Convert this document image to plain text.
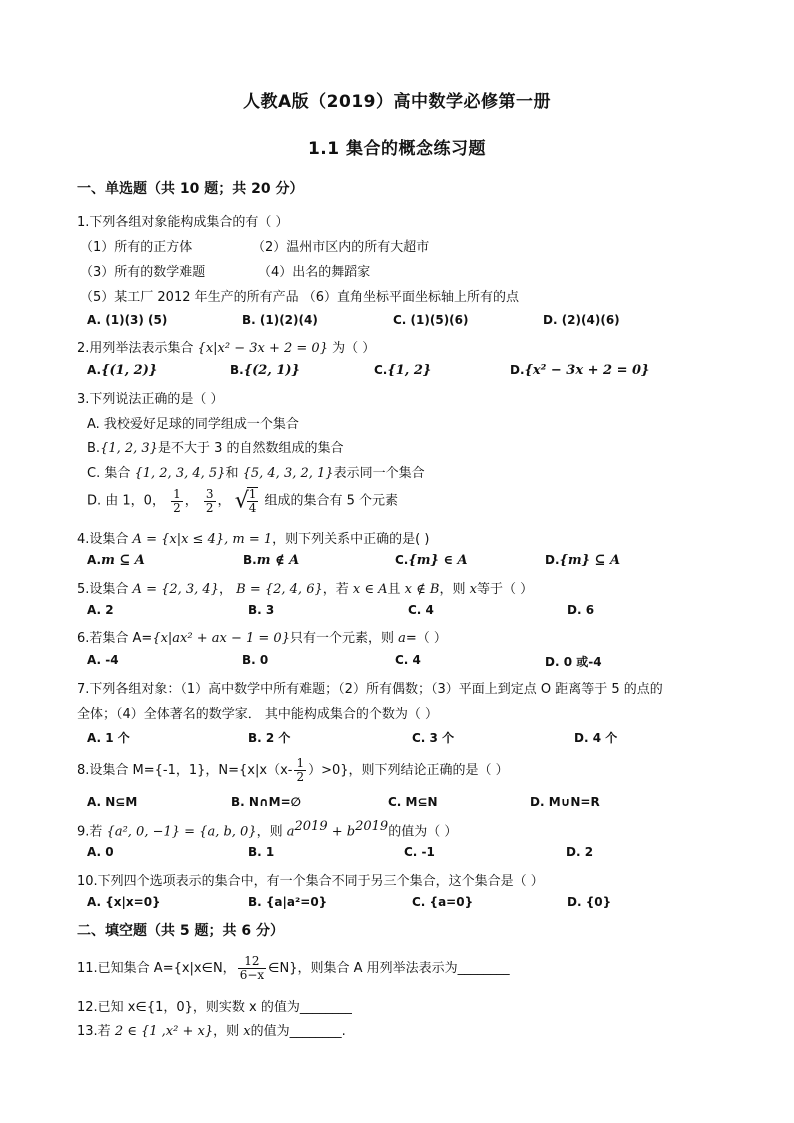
人教A版（2019）高中数学必修第一册
1.1 集合的概念练习题
一、单选题（共 10 题；共 20 分）
1.下列各组对象能构成集合的有（ ）
（1）所有的正方体	（2）温州市区内的所有大超市
（3）所有的数学难题	（4）出名的舞蹈家
（5）某工厂 2012 年生产的所有产品 （6）直角坐标平面坐标轴上所有的点
A. (1)(3) (5)	B. (1)(2)(4)	C. (1)(5)(6)	D. (2)(4)(6)
2.用列举法表示集合 {x|x² − 3x + 2 = 0} 为（ ）
A.{(1, 2)}	B.{(2, 1)}	C.{1, 2}	D.{x² − 3x + 2 = 0}
3.下列说法正确的是（ ）
A. 我校爱好足球的同学组成一个集合
B.{1, 2, 3}是不大于 3 的自然数组成的集合
C. 集合 {1, 2, 3, 4, 5}和 {5, 4, 3, 2, 1}表示同一个集合
D. 由 1，0， $\frac{1}{2}$ ， $\frac{3}{2}$ ， √
$\frac{1}{4}$ 组成的集合有 5 个元素
4.设集合 A = {x|x ≤ 4}, m = 1，则下列关系中正确的是( )
A.m ⊆ A	B.m ∉ A	C.{m} ∈ A	D.{m} ⊆ A
5.设集合 A = {2, 3, 4}， B = {2, 4, 6}，若 x ∈ A且 x ∉ B，则 x等于（ ）
A. 2	B. 3	C. 4	D. 6
6.若集合 A={x|ax² + ax − 1 = 0}只有一个元素，则 a=（ ）
A. -4	B. 0	C. 4	D. 0 或-4
7.下列各组对象：（1）高中数学中所有难题；（2）所有偶数；（3）平面上到定点 O 距离等于 5 的点的
全体；（4）全体著名的数学家． 其中能构成集合的个数为（ ）
A. 1 个	B. 2 个	C. 3 个	D. 4 个
8.设集合 M={-1，1}，$N=\{x|x(x- \frac{1}{2} )>0\}$，则下列结论正确的是（ ）
A. N⊆M	B. N∩M=∅	C. M⊆N	D. M∪N=R
9.若 {a², 0, −1} = {a, b, 0}，则 $a^{2019} + b^{2019}$的值为（ ）
A. 0	B. 1	C. -1	D. 2
10.下列四个选项表示的集合中，有一个集合不同于另三个集合，这个集合是（ ）
A. {x|x=0}	B. {a|a²=0}	C. {a=0}	D. {0}
二、填空题（共 5 题；共 6 分）
11.已知集合 A={x|x∈N， $\frac{12}{6-x}$ ∈N}，则集合 A 用列举法表示为________
12.已知 x∈{1，0}，则实数 x 的值为________
13.若 2 ∈ {1 ,x² + x}，则 x的值为________.
